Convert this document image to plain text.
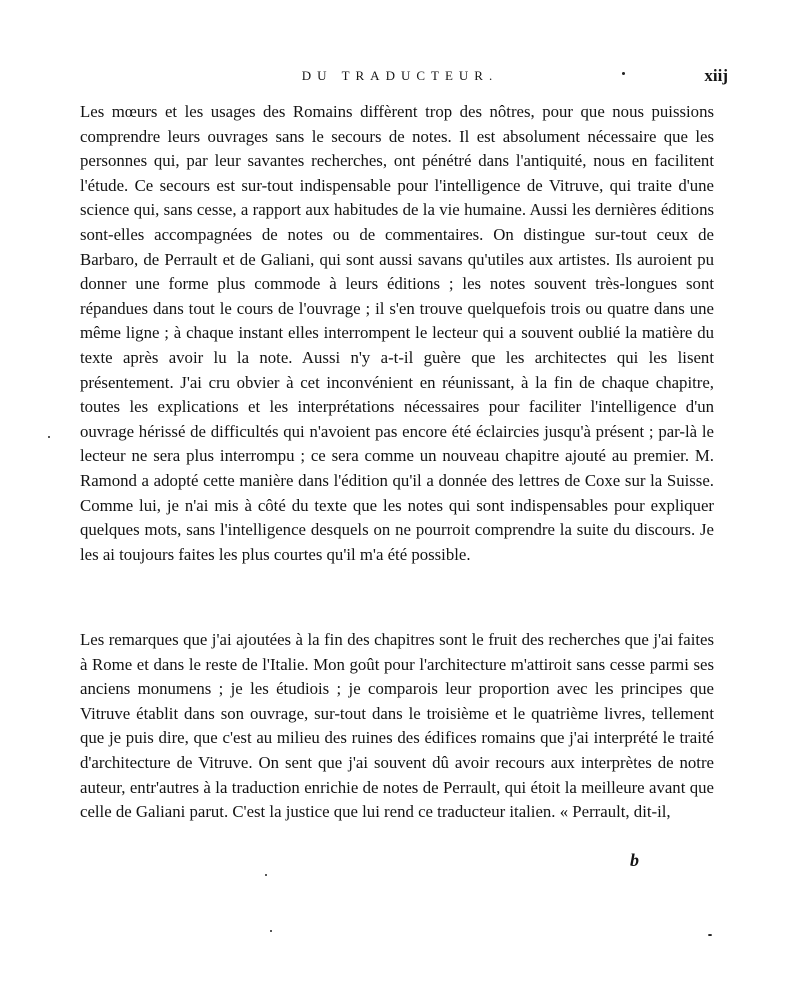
DU TRADUCTEUR.	xiij

Les mœurs et les usages des Romains diffèrent trop des nôtres, pour que nous puissions comprendre leurs ouvrages sans le secours de notes. Il est absolument nécessaire que les personnes qui, par leur savantes recherches, ont pénétré dans l'antiquité, nous en facilitent l'étude. Ce secours est sur-tout indispensable pour l'intelligence de Vitruve, qui traite d'une science qui, sans cesse, a rapport aux habitudes de la vie humaine. Aussi les dernières éditions sont-elles accompagnées de notes ou de commentaires. On distingue sur-tout ceux de Barbaro, de Perrault et de Galiani, qui sont aussi savans qu'utiles aux artistes. Ils auroient pu donner une forme plus commode à leurs éditions ; les notes souvent très-longues sont répandues dans tout le cours de l'ouvrage ; il s'en trouve quelquefois trois ou quatre dans une même ligne ; à chaque instant elles interrompent le lecteur qui a souvent oublié la matière du texte après avoir lu la note. Aussi n'y a-t-il guère que les architectes qui les lisent présentement. J'ai cru obvier à cet inconvénient en réunissant, à la fin de chaque chapitre, toutes les explications et les interprétations nécessaires pour faciliter l'intelligence d'un ouvrage hérissé de difficultés qui n'avoient pas encore été éclaircies jusqu'à présent ; par-là le lecteur ne sera plus interrompu ; ce sera comme un nouveau chapitre ajouté au premier. M. Ramond a adopté cette manière dans l'édition qu'il a donnée des lettres de Coxe sur la Suisse. Comme lui, je n'ai mis à côté du texte que les notes qui sont indispensables pour expliquer quelques mots, sans l'intelligence desquels on ne pourroit comprendre la suite du discours. Je les ai toujours faites les plus courtes qu'il m'a été possible.

Les remarques que j'ai ajoutées à la fin des chapitres sont le fruit des recherches que j'ai faites à Rome et dans le reste de l'Italie. Mon goût pour l'architecture m'attiroit sans cesse parmi ses anciens monumens ; je les étudiois ; je comparois leur proportion avec les principes que Vitruve établit dans son ouvrage, sur-tout dans le troisième et le quatrième livres, tellement que je puis dire, que c'est au milieu des ruines des édifices romains que j'ai interprété le traité d'architecture de Vitruve. On sent que j'ai souvent dû avoir recours aux interprètes de notre auteur, entr'autres à la traduction enrichie de notes de Perrault, qui étoit la meilleure avant que celle de Galiani parut. C'est la justice que lui rend ce traducteur italien. « Perrault, dit-il,

b
